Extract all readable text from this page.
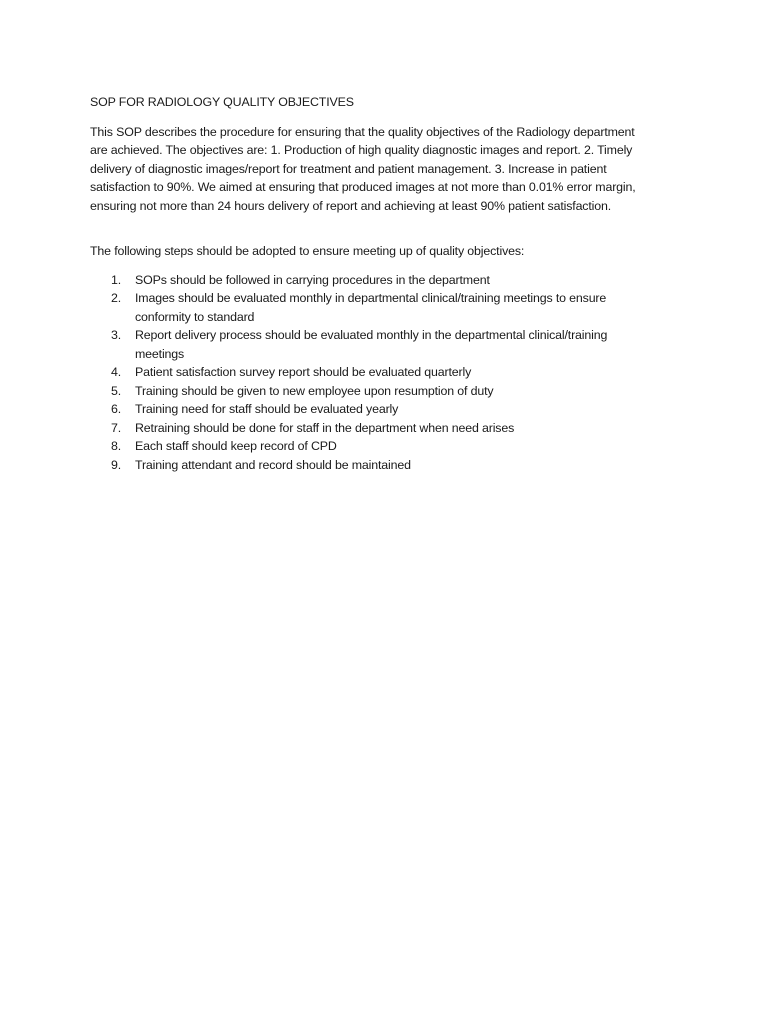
SOP FOR RADIOLOGY QUALITY OBJECTIVES

This SOP describes the procedure for ensuring that the quality objectives of the Radiology department
are achieved. The objectives are: 1. Production of high quality diagnostic images and report. 2. Timely
delivery of diagnostic images/report for treatment and patient management. 3. Increase in patient
satisfaction to 90%. We aimed at ensuring that produced images at not more than 0.01% error margin,
ensuring not more than 24 hours delivery of report and achieving at least 90% patient satisfaction.

The following steps should be adopted to ensure meeting up of quality objectives:

1.	SOPs should be followed in carrying procedures in the department
2.	Images should be evaluated monthly in departmental clinical/training meetings to ensure
conformity to standard
3.	Report delivery process should be evaluated monthly in the departmental clinical/training
meetings
4.	Patient satisfaction survey report should be evaluated quarterly
5.	Training should be given to new employee upon resumption of duty
6.	Training need for staff should be evaluated yearly
7.	Retraining should be done for staff in the department when need arises
8.	Each staff should keep record of CPD
9.	Training attendant and record should be maintained
